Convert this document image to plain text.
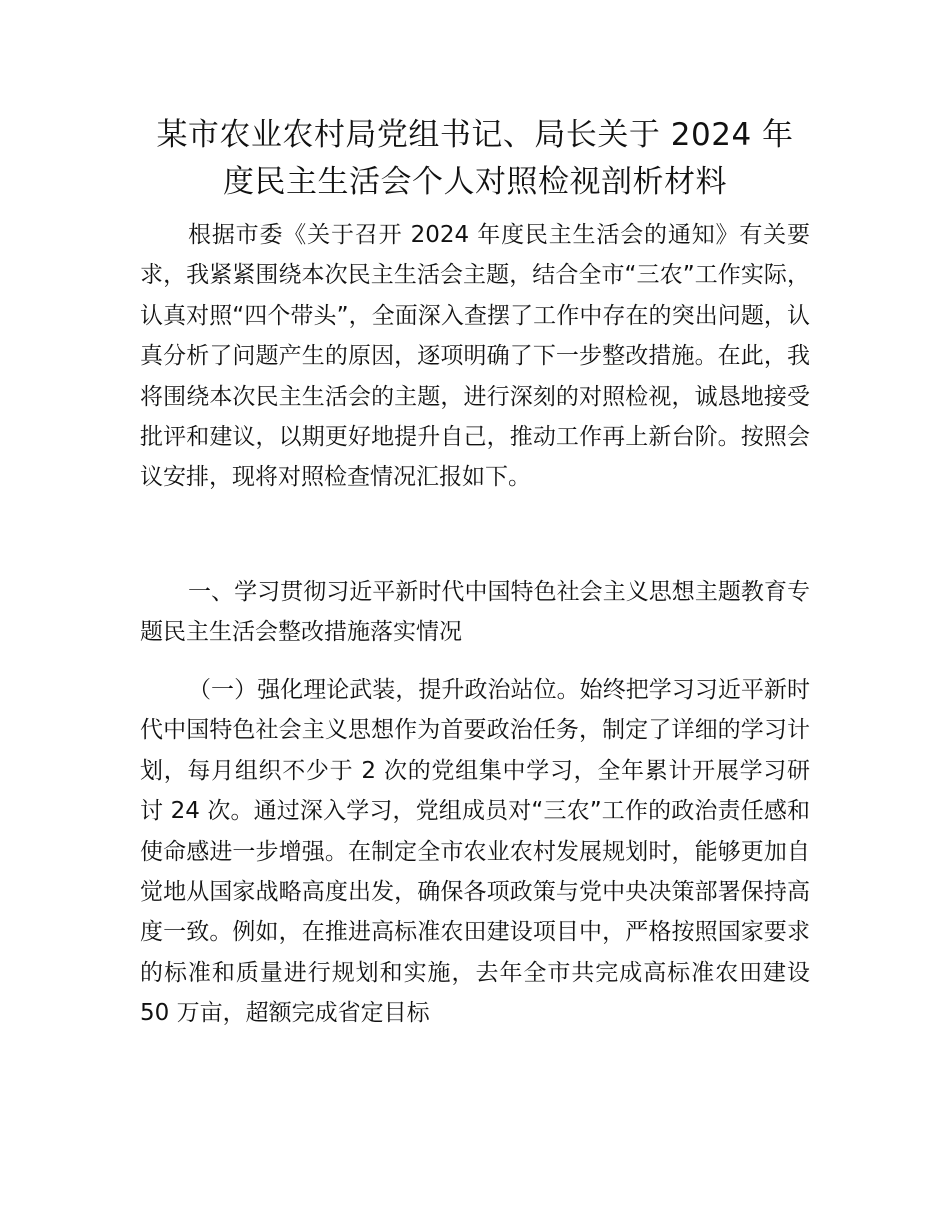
某市农业农村局党组书记、局长关于 2024 年
度民主生活会个人对照检视剖析材料

根据市委《关于召开 2024 年度民主生活会的通知》有关要求，我紧紧围绕本次民主生活会主题，结合全市“三农”工作实际，认真对照“四个带头”，全面深入查摆了工作中存在的突出问题，认真分析了问题产生的原因，逐项明确了下一步整改措施。在此，我将围绕本次民主生活会的主题，进行深刻的对照检视，诚恳地接受批评和建议，以期更好地提升自己，推动工作再上新台阶。按照会议安排，现将对照检查情况汇报如下。

一、学习贯彻习近平新时代中国特色社会主义思想主题教育专题民主生活会整改措施落实情况

（一）强化理论武装，提升政治站位。始终把学习习近平新时代中国特色社会主义思想作为首要政治任务，制定了详细的学习计划，每月组织不少于 2 次的党组集中学习，全年累计开展学习研讨 24 次。通过深入学习，党组成员对“三农”工作的政治责任感和使命感进一步增强。在制定全市农业农村发展规划时，能够更加自觉地从国家战略高度出发，确保各项政策与党中央决策部署保持高度一致。例如，在推进高标准农田建设项目中，严格按照国家要求的标准和质量进行规划和实施，去年全市共完成高标准农田建设 50 万亩，超额完成省定目标
